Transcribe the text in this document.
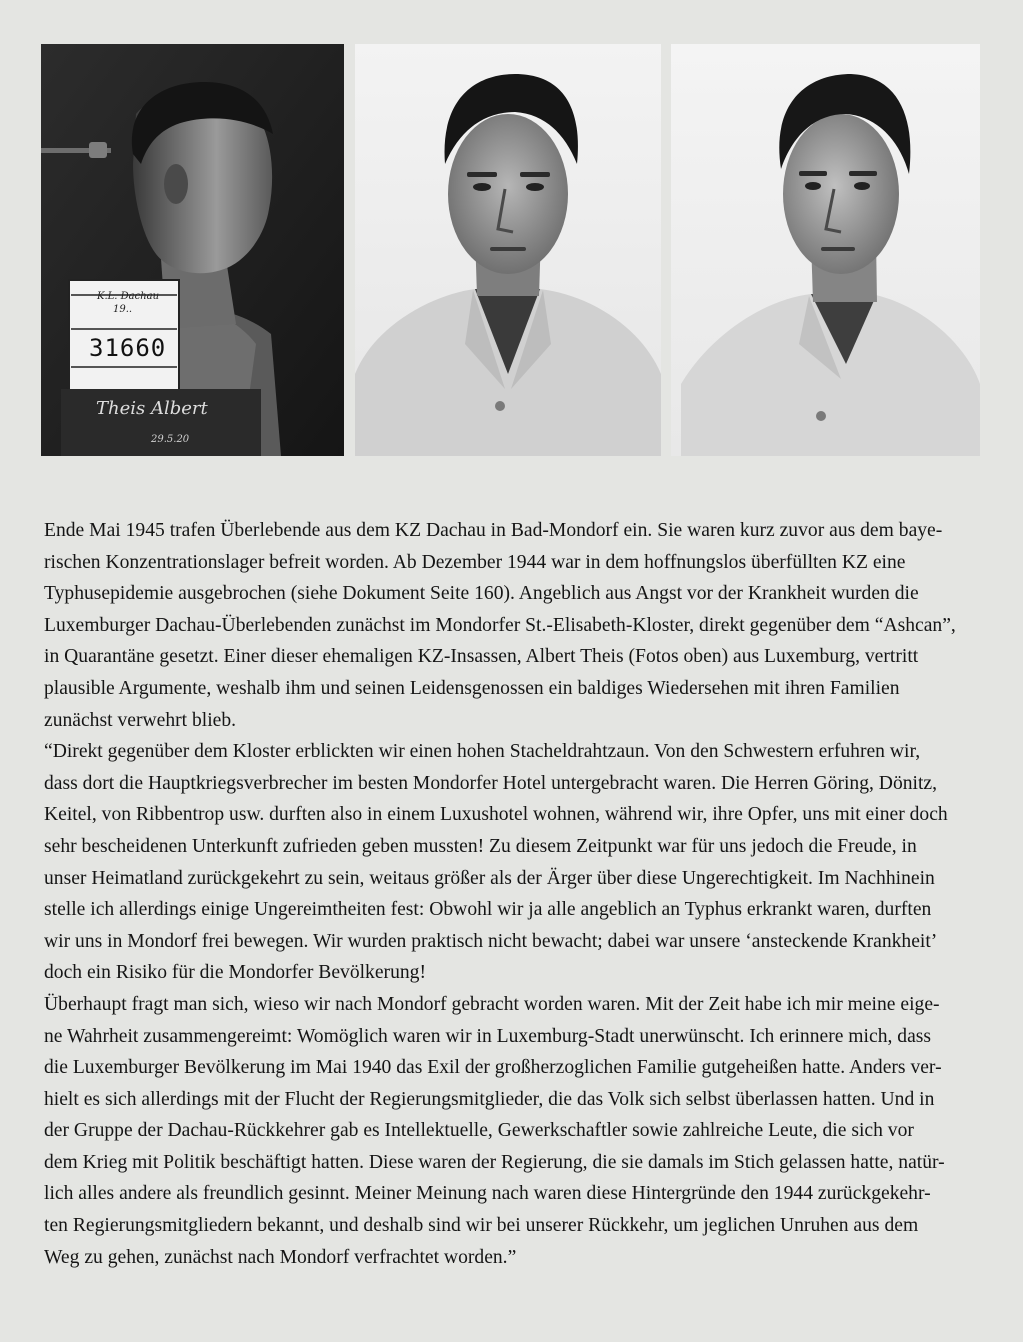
K.L. Dachau
19..
31660
Theis Albert
29.5.20

Ende Mai 1945 trafen Überlebende aus dem KZ Dachau in Bad-Mondorf ein. Sie waren kurz zuvor aus dem baye-

rischen Konzentrationslager befreit worden. Ab Dezember 1944 war in dem hoffnungslos überfüllten KZ eine

Typhusepidemie ausgebrochen (siehe Dokument Seite 160). Angeblich aus Angst vor der Krankheit wurden die

Luxemburger Dachau-Überlebenden zunächst im Mondorfer St.-Elisabeth-Kloster, direkt gegenüber dem “Ashcan”,

in Quarantäne gesetzt. Einer dieser ehemaligen KZ-Insassen, Albert Theis (Fotos oben) aus Luxemburg, vertritt

plausible Argumente, weshalb ihm und seinen Leidensgenossen ein baldiges Wiedersehen mit ihren Familien

zunächst verwehrt blieb.

“Direkt gegenüber dem Kloster erblickten wir einen hohen Stacheldrahtzaun. Von den Schwestern erfuhren wir,

dass dort die Hauptkriegsverbrecher im besten Mondorfer Hotel untergebracht waren. Die Herren Göring, Dönitz,

Keitel, von Ribbentrop usw. durften also in einem Luxushotel wohnen, während wir, ihre Opfer, uns mit einer doch

sehr bescheidenen Unterkunft zufrieden geben mussten! Zu diesem Zeitpunkt war für uns jedoch die Freude, in

unser Heimatland zurückgekehrt zu sein, weitaus größer als der Ärger über diese Ungerechtigkeit. Im Nachhinein

stelle ich allerdings einige Ungereimtheiten fest: Obwohl wir ja alle angeblich an Typhus erkrankt waren, durften

wir uns in Mondorf frei bewegen. Wir wurden praktisch nicht bewacht; dabei war unsere ‘ansteckende Krankheit’

doch ein Risiko für die Mondorfer Bevölkerung!

Überhaupt fragt man sich, wieso wir nach Mondorf gebracht worden waren. Mit der Zeit habe ich mir meine eige-

ne Wahrheit zusammengereimt: Womöglich waren wir in Luxemburg-Stadt unerwünscht. Ich erinnere mich, dass

die Luxemburger Bevölkerung im Mai 1940 das Exil der großherzoglichen Familie gutgeheißen hatte. Anders ver-

hielt es sich allerdings mit der Flucht der Regierungsmitglieder, die das Volk sich selbst überlassen hatten. Und in

der Gruppe der Dachau-Rückkehrer gab es Intellektuelle, Gewerkschaftler sowie zahlreiche Leute, die sich vor

dem Krieg mit Politik beschäftigt hatten. Diese waren der Regierung, die sie damals im Stich gelassen hatte, natür-

lich alles andere als freundlich gesinnt. Meiner Meinung nach waren diese Hintergründe den 1944 zurückgekehr-

ten Regierungsmitgliedern bekannt, und deshalb sind wir bei unserer Rückkehr, um jeglichen Unruhen aus dem

Weg zu gehen, zunächst nach Mondorf verfrachtet worden.”
